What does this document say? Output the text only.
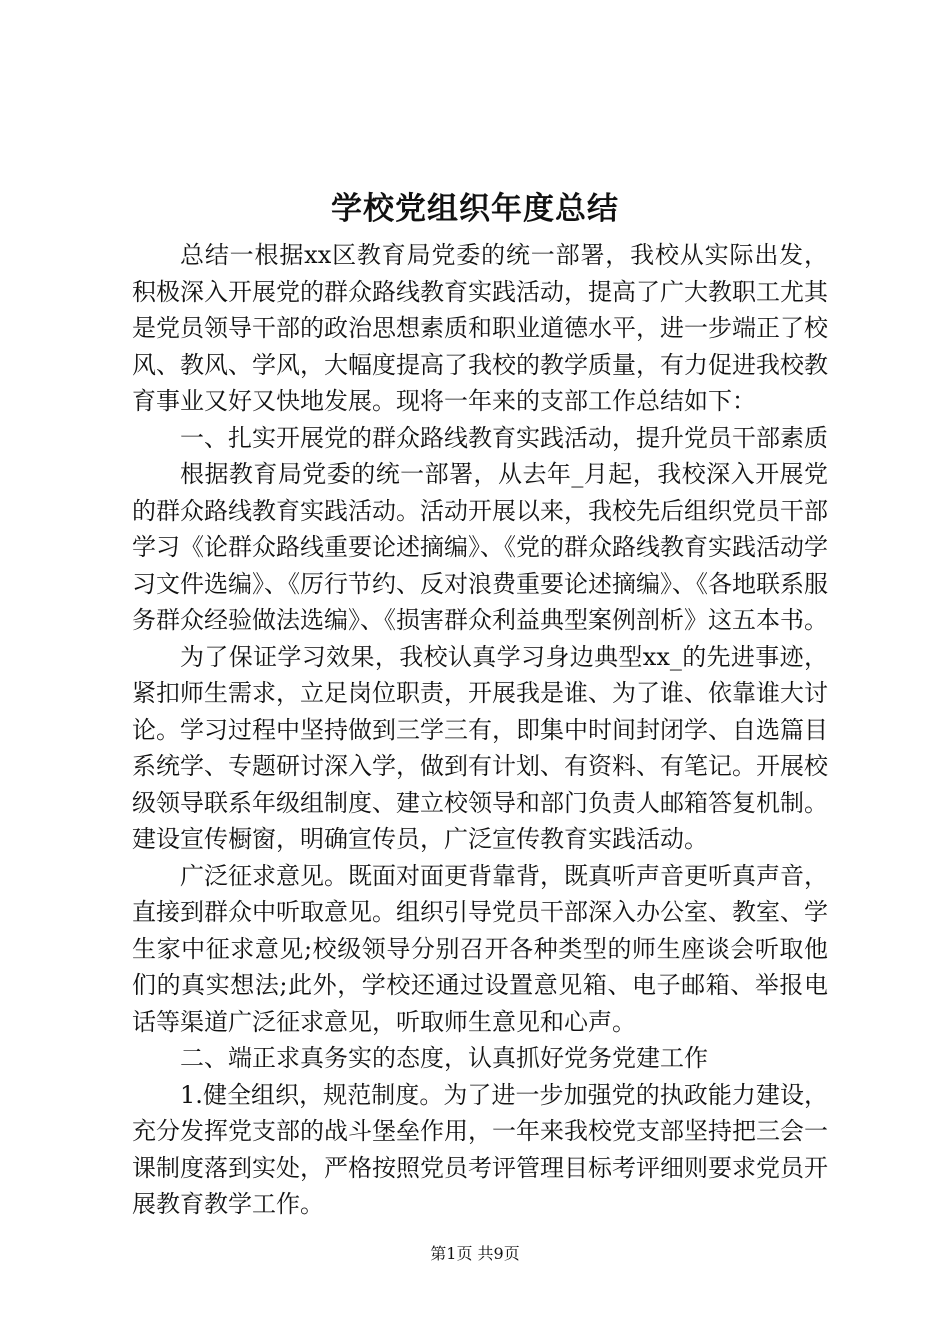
学校党组织年度总结

总结一根据xx区教育局党委的统一部署，我校从实际出发，积极深入开展党的群众路线教育实践活动，提高了广大教职工尤其是党员领导干部的政治思想素质和职业道德水平，进一步端正了校风、教风、学风，大幅度提高了我校的教学质量，有力促进我校教育事业又好又快地发展。现将一年来的支部工作总结如下：

一、扎实开展党的群众路线教育实践活动，提升党员干部素质

根据教育局党委的统一部署，从去年_月起，我校深入开展党的群众路线教育实践活动。活动开展以来，我校先后组织党员干部学习《论群众路线重要论述摘编》、《党的群众路线教育实践活动学习文件选编》、《厉行节约、反对浪费重要论述摘编》、《各地联系服务群众经验做法选编》、《损害群众利益典型案例剖析》这五本书。

为了保证学习效果，我校认真学习身边典型xx_的先进事迹，紧扣师生需求，立足岗位职责，开展我是谁、为了谁、依靠谁大讨论。学习过程中坚持做到三学三有，即集中时间封闭学、自选篇目系统学、专题研讨深入学，做到有计划、有资料、有笔记。开展校级领导联系年级组制度、建立校领导和部门负责人邮箱答复机制。建设宣传橱窗，明确宣传员，广泛宣传教育实践活动。

广泛征求意见。既面对面更背靠背，既真听声音更听真声音，直接到群众中听取意见。组织引导党员干部深入办公室、教室、学生家中征求意见;校级领导分别召开各种类型的师生座谈会听取他们的真实想法;此外，学校还通过设置意见箱、电子邮箱、举报电话等渠道广泛征求意见，听取师生意见和心声。

二、端正求真务实的态度，认真抓好党务党建工作

1.健全组织，规范制度。为了进一步加强党的执政能力建设，充分发挥党支部的战斗堡垒作用，一年来我校党支部坚持把三会一课制度落到实处，严格按照党员考评管理目标考评细则要求党员开展教育教学工作。

第1页 共9页
